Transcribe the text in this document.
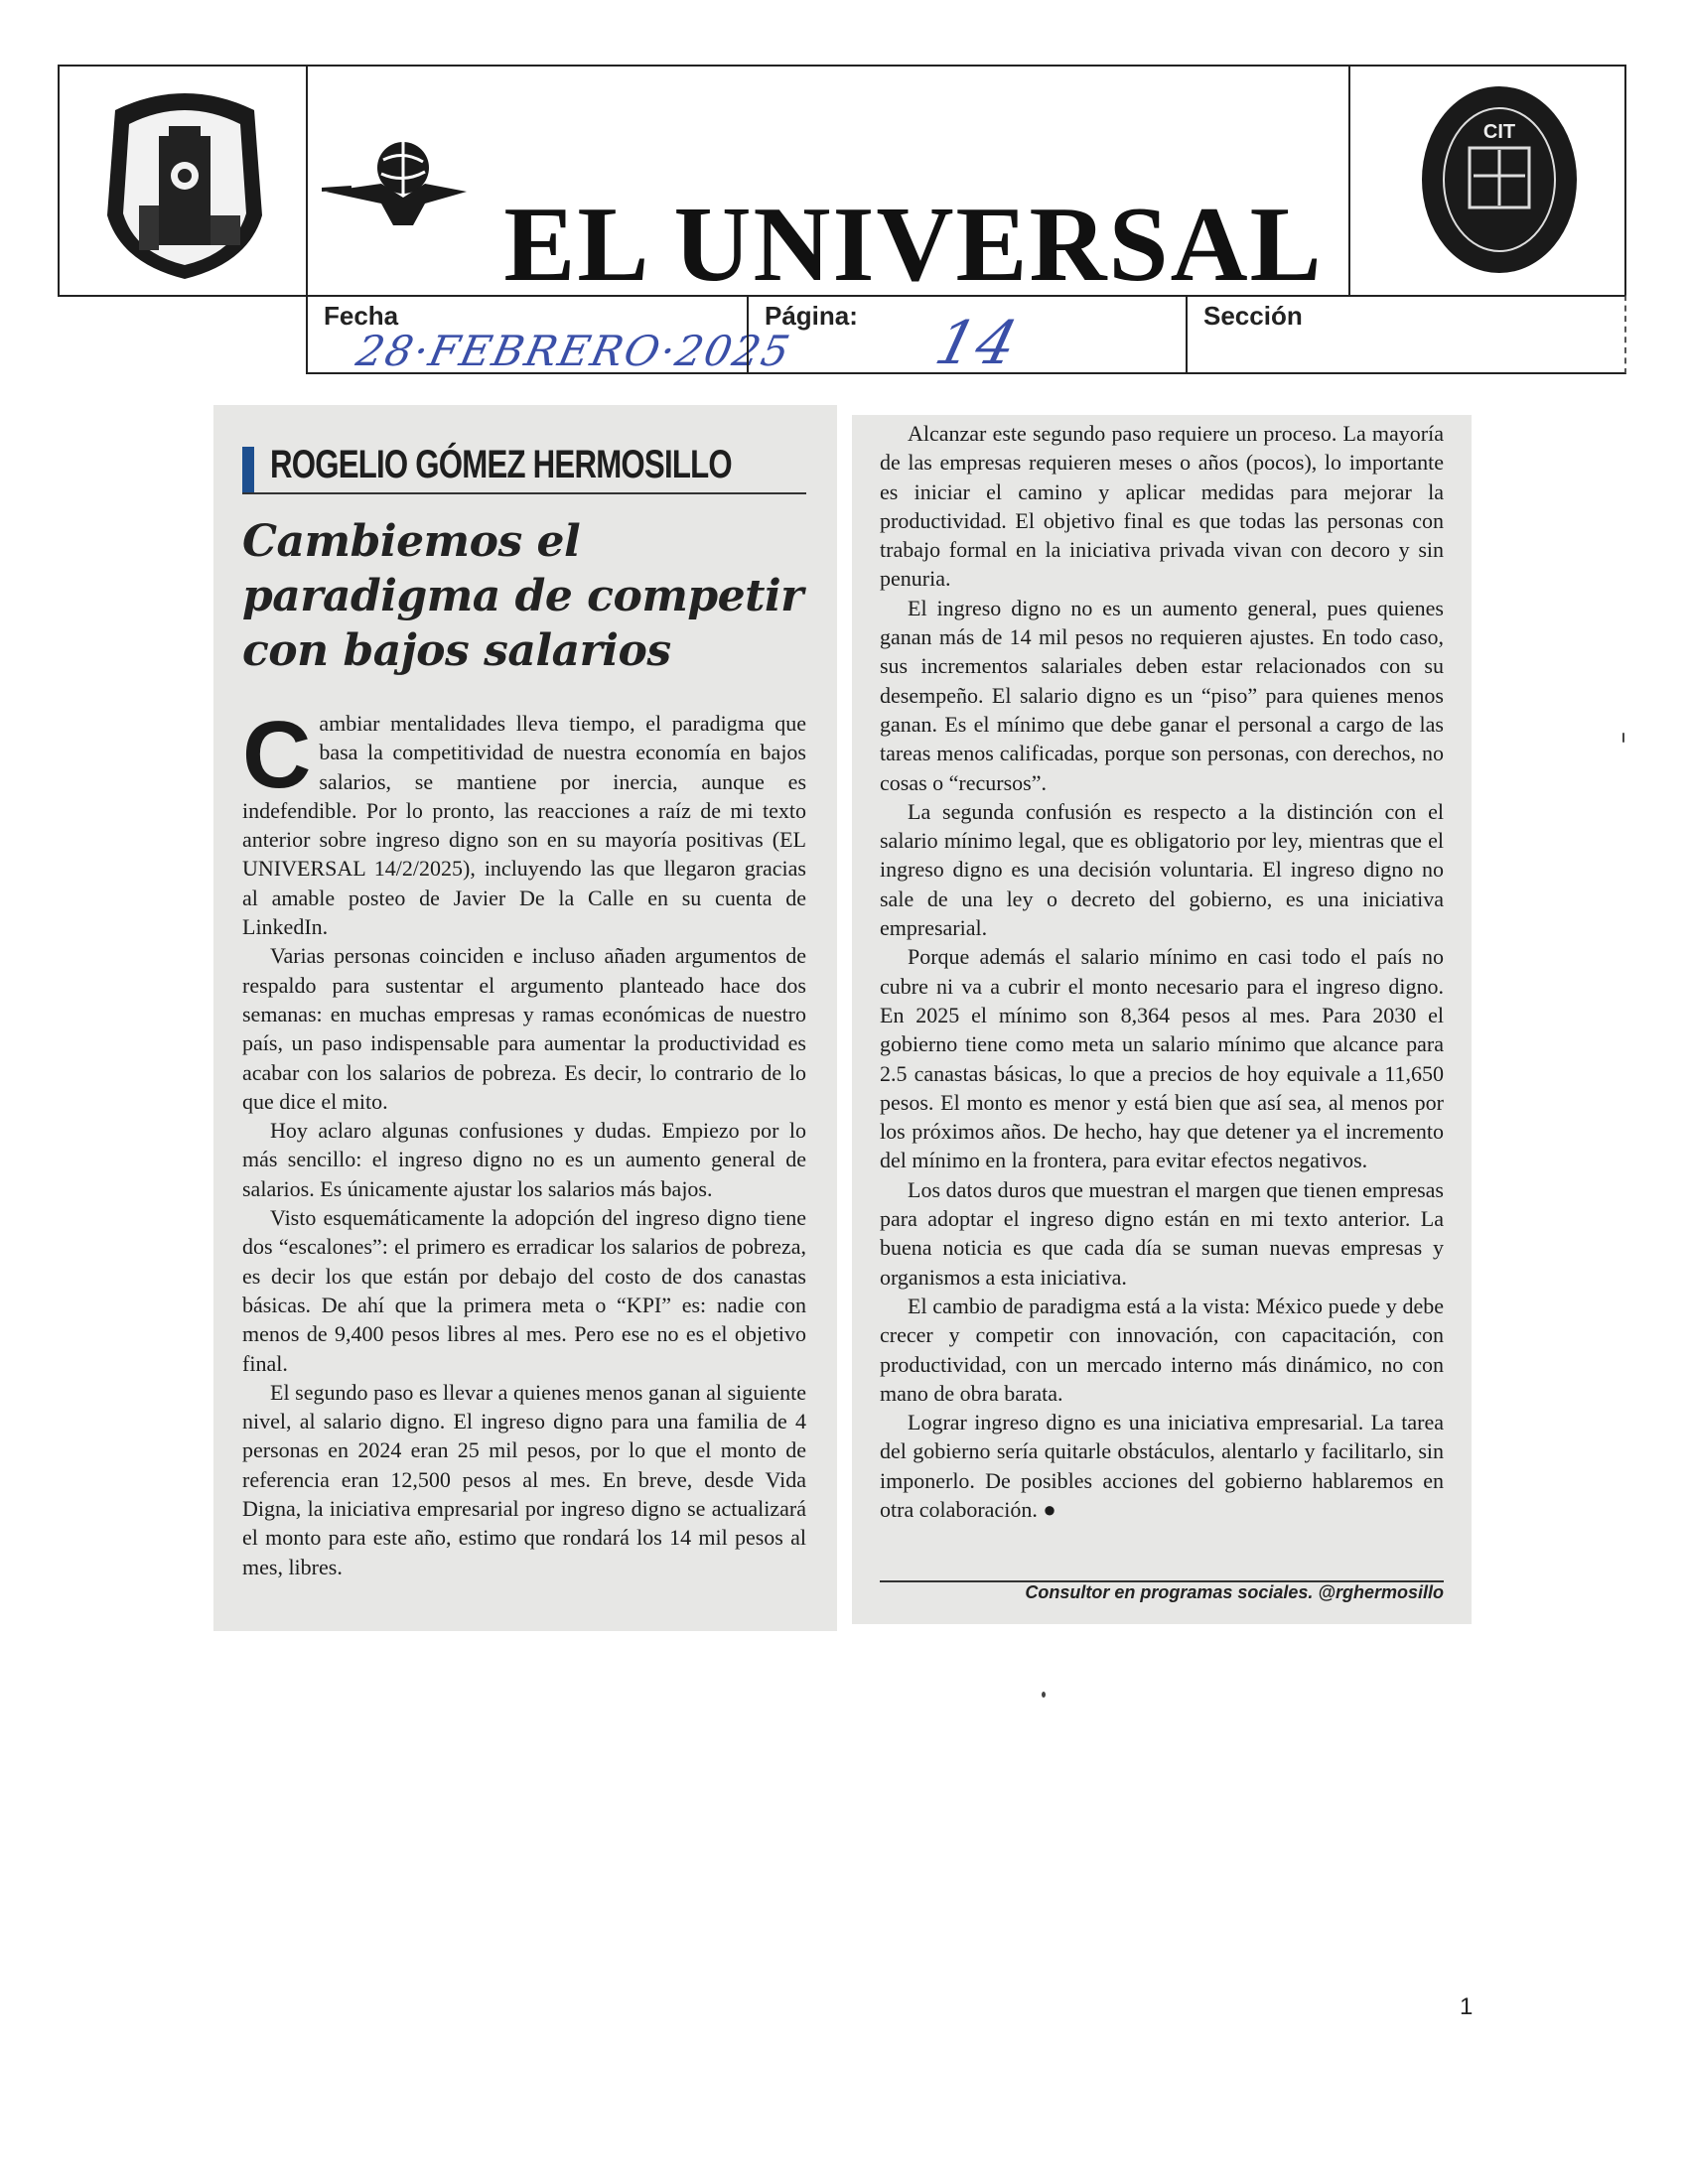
EL UNIVERSAL
CIT
Fecha
28·FEBRERO·2025
Página: 14	Sección
ROGELIO GÓMEZ HERMOSILLO
Cambiemos el paradigma de competir con bajos salarios

Cambiar mentalidades lleva tiempo, el paradigma que basa la competitividad de nuestra economía en bajos salarios, se mantiene por inercia, aunque es indefendible. Por lo pronto, las reacciones a raíz de mi texto anterior sobre ingreso digno son en su mayoría positivas (EL UNIVERSAL 14/2/2025), incluyendo las que llegaron gracias al amable posteo de Javier De la Calle en su cuenta de LinkedIn.

Varias personas coinciden e incluso añaden argumentos de respaldo para sustentar el argumento planteado hace dos semanas: en muchas empresas y ramas económicas de nuestro país, un paso indispensable para aumentar la productividad es acabar con los salarios de pobreza. Es decir, lo contrario de lo que dice el mito.

Hoy aclaro algunas confusiones y dudas. Empiezo por lo más sencillo: el ingreso digno no es un aumento general de salarios. Es únicamente ajustar los salarios más bajos.

Visto esquemáticamente la adopción del ingreso digno tiene dos “escalones”: el primero es erradicar los salarios de pobreza, es decir los que están por debajo del costo de dos canastas básicas. De ahí que la primera meta o “KPI” es: nadie con menos de 9,400 pesos libres al mes. Pero ese no es el objetivo final.

El segundo paso es llevar a quienes menos ganan al siguiente nivel, al salario digno. El ingreso digno para una familia de 4 personas en 2024 eran 25 mil pesos, por lo que el monto de referencia eran 12,500 pesos al mes. En breve, desde Vida Digna, la iniciativa empresarial por ingreso digno se actualizará el monto para este año, estimo que rondará los 14 mil pesos al mes, libres.

Alcanzar este segundo paso requiere un proceso. La mayoría de las empresas requieren meses o años (pocos), lo importante es iniciar el camino y aplicar medidas para mejorar la productividad. El objetivo final es que todas las personas con trabajo formal en la iniciativa privada vivan con decoro y sin penuria.

El ingreso digno no es un aumento general, pues quienes ganan más de 14 mil pesos no requieren ajustes. En todo caso, sus incrementos salariales deben estar relacionados con su desempeño. El salario digno es un “piso” para quienes menos ganan. Es el mínimo que debe ganar el personal a cargo de las tareas menos calificadas, porque son personas, con derechos, no cosas o “recursos”.

La segunda confusión es respecto a la distinción con el salario mínimo legal, que es obligatorio por ley, mientras que el ingreso digno es una decisión voluntaria. El ingreso digno no sale de una ley o decreto del gobierno, es una iniciativa empresarial.

Porque además el salario mínimo en casi todo el país no cubre ni va a cubrir el monto necesario para el ingreso digno. En 2025 el mínimo son 8,364 pesos al mes. Para 2030 el gobierno tiene como meta un salario mínimo que alcance para 2.5 canastas básicas, lo que a precios de hoy equivale a 11,650 pesos. El monto es menor y está bien que así sea, al menos por los próximos años. De hecho, hay que detener ya el incremento del mínimo en la frontera, para evitar efectos negativos.

Los datos duros que muestran el margen que tienen empresas para adoptar el ingreso digno están en mi texto anterior. La buena noticia es que cada día se suman nuevas empresas y organismos a esta iniciativa.

El cambio de paradigma está a la vista: México puede y debe crecer y competir con innovación, con capacitación, con productividad, con un mercado interno más dinámico, no con mano de obra barata.

Lograr ingreso digno es una iniciativa empresarial. La tarea del gobierno sería quitarle obstáculos, alentarlo y facilitarlo, sin imponerlo. De posibles acciones del gobierno hablaremos en otra colaboración. ●

Consultor en programas sociales. @rghermosillo
1
